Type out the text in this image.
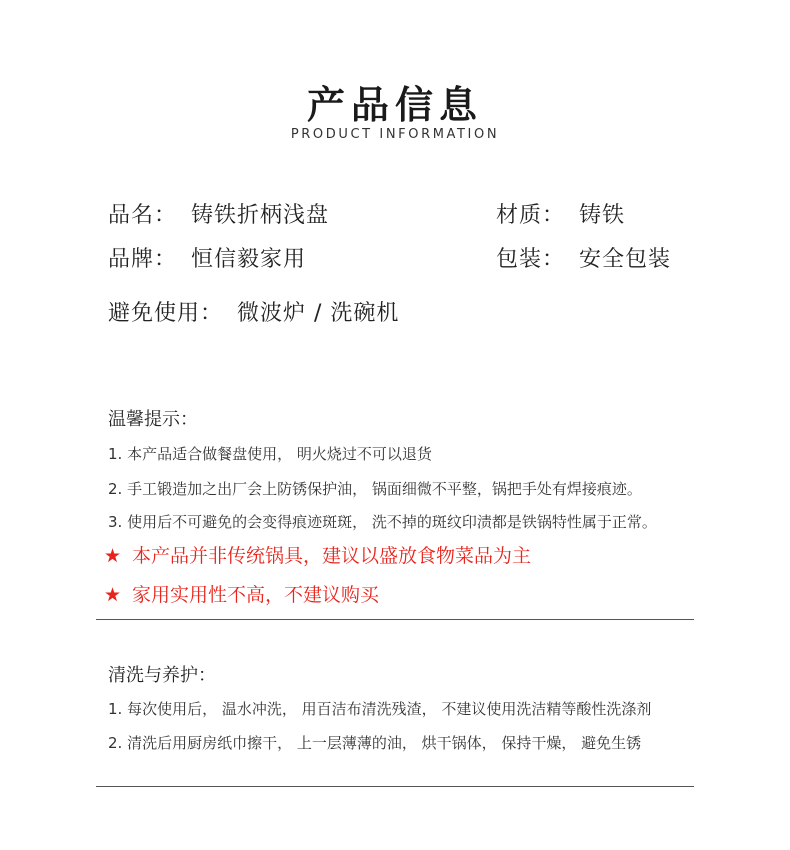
产品信息
PRODUCT INFORMATION
品名： 铸铁折柄浅盘	材质： 铸铁
品牌： 恒信毅家用	包装： 安全包装
避免使用： 微波炉 / 洗碗机
温馨提示：
1. 本产品适合做餐盘使用， 明火烧过不可以退货
2. 手工锻造加之出厂会上防锈保护油， 锅面细微不平整，锅把手处有焊接痕迹。
3. 使用后不可避免的会变得痕迹斑斑， 洗不掉的斑纹印渍都是铁锅特性属于正常。
★ 本产品并非传统锅具，建议以盛放食物菜品为主
★ 家用实用性不高，不建议购买
清洗与养护：
1. 每次使用后， 温水冲洗， 用百洁布清洗残渣， 不建议使用洗洁精等酸性洗涤剂
2. 清洗后用厨房纸巾擦干， 上一层薄薄的油， 烘干锅体， 保持干燥， 避免生锈
